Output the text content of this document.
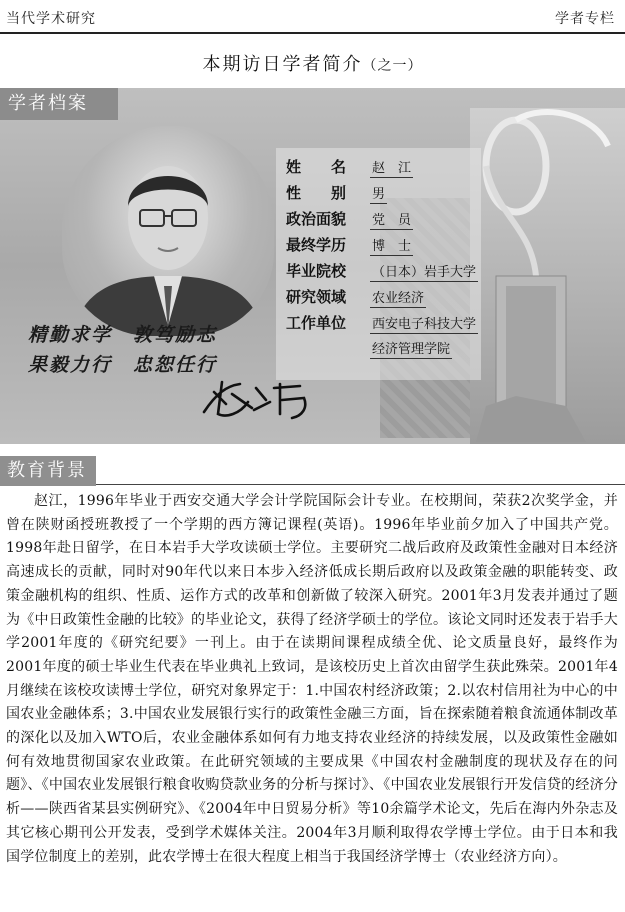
当代学术研究	学者专栏
本期访日学者简介（之一）
学者档案
姓　　名 赵　江
性　　别 男
政治面貌 党　员
最终学历 博　士
毕业院校 （日本）岩手大学
研究领域 农业经济
工作单位 西安电子科技大学
经济管理学院
精勤求学　敦笃励志
果毅力行　忠恕任行
教育背景
赵江，1996年毕业于西安交通大学会计学院国际会计专业。在校期间，荣获2次奖学金，并曾在陕财函授班教授了一个学期的西方簿记课程(英语)。1996年毕业前夕加入了中国共产党。1998年赴日留学，在日本岩手大学攻读硕士学位。主要研究二战后政府及政策性金融对日本经济高速成长的贡献，同时对90年代以来日本步入经济低成长期后政府以及政策金融的职能转变、政策金融机构的组织、性质、运作方式的改革和创新做了较深入研究。2001年3月发表并通过了题为《中日政策性金融的比较》的毕业论文，获得了经济学硕士的学位。该论文同时还发表于岩手大学2001年度的《研究纪要》一刊上。由于在读期间课程成绩全优、论文质量良好，最终作为2001年度的硕士毕业生代表在毕业典礼上致词，是该校历史上首次由留学生获此殊荣。2001年4月继续在该校攻读博士学位，研究对象界定于：1.中国农村经济政策；2.以农村信用社为中心的中国农业金融体系；3.中国农业发展银行实行的政策性金融三方面，旨在探索随着粮食流通体制改革的深化以及加入WTO后，农业金融体系如何有力地支持农业经济的持续发展，以及政策性金融如何有效地贯彻国家农业政策。在此研究领域的主要成果《中国农村金融制度的现状及存在的问题》、《中国农业发展银行粮食收购贷款业务的分析与探讨》、《中国农业发展银行开发信贷的经济分析——陕西省某县实例研究》、《2004年中日贸易分析》等10余篇学术论文，先后在海内外杂志及其它核心期刊公开发表，受到学术媒体关注。2004年3月顺利取得农学博士学位。由于日本和我国学位制度上的差别，此农学博士在很大程度上相当于我国经济学博士（农业经济方向）。
